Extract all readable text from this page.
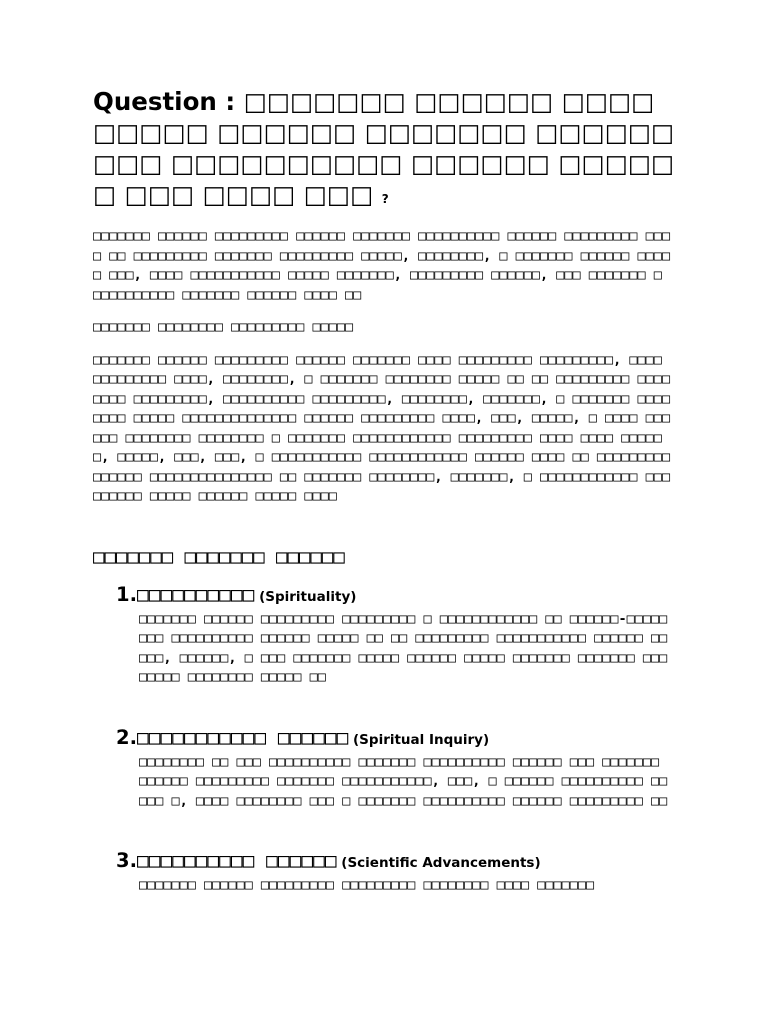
Question : □□□□□□□ □□□□□□ □□□□□□□□□ □□□□□□ □□□□□□□ □□□□□□□□□ □□□□□□□□□□ □□□□□□ □□□□□□ □□□ □□□□ □□□ ?

□□□□□□□ □□□□□□ □□□□□□□□□ □□□□□□ □□□□□□□ □□□□□□□□□□ □□□□□□ □□□□□□□□□ □□□□ □□ □□□□□□□□□ □□□□□□□ □□□□□□□□□ □□□□□, □□□□□□□□, □ □□□□□□□ □□□□□□ □□□□□ □□□, □□□□ □□□□□□□□□□□ □□□□□ □□□□□□□, □□□□□□□□□ □□□□□□, □□□ □□□□□□□ □ □□□□□□□□□□ □□□□□□□ □□□□□□ □□□□ □□

□□□□□□□ □□□□□□□□ □□□□□□□□□ □□□□□

□□□□□□□ □□□□□□ □□□□□□□□□ □□□□□□ □□□□□□□ □□□□ □□□□□□□□□ □□□□□□□□□, □□□□ □□□□□□□□□ □□□□, □□□□□□□□, □ □□□□□□□ □□□□□□□□ □□□□□ □□ □□ □□□□□□□□□ □□□□□□□□ □□□□□□□□□, □□□□□□□□□□ □□□□□□□□□, □□□□□□□□, □□□□□□□, □ □□□□□□□ □□□□□□□□ □□□□□ □□□□□□□□□□□□□□ □□□□□□ □□□□□□□□□ □□□□, □□□, □□□□□, □ □□□□ □□□□□□ □□□□□□□□ □□□□□□□□ □ □□□□□□□ □□□□□□□□□□□□ □□□□□□□□□ □□□□ □□□□ □□□□□□, □□□□□, □□□, □□□, □ □□□□□□□□□□□ □□□□□□□□□□□□ □□□□□□ □□□□ □□ □□□□□□□□□□□□□□□ □□□□□□□□□□□□□□□ □□ □□□□□□□ □□□□□□□□, □□□□□□□, □ □□□□□□□□□□□□ □□□□□□□□□ □□□□□ □□□□□□ □□□□□ □□□□

□□□□□□□ □□□□□□□ □□□□□□
1.□□□□□□□□□□ (Spirituality)

□□□□□□□ □□□□□□ □□□□□□□□□ □□□□□□□□□ □ □□□□□□□□□□□□ □□ □□□□□□-□□□□□□□□ □□□□□□□□□□ □□□□□□ □□□□□ □□ □□ □□□□□□□□□ □□□□□□□□□□□ □□□□□□ □□□□□, □□□□□□, □ □□□ □□□□□□□ □□□□□ □□□□□□ □□□□□ □□□□□□□ □□□□□□□ □□□□□□□□ □□□□□□□□ □□□□□ □□

2.□□□□□□□□□□□ □□□□□□ (Spiritual Inquiry)

□□□□□□□□ □□ □□□ □□□□□□□□□□ □□□□□□□ □□□□□□□□□□ □□□□□□ □□□ □□□□□□□ □□□□□□ □□□□□□□□□ □□□□□□□ □□□□□□□□□□□, □□□, □ □□□□□□ □□□□□□□□□□ □□□□□ □, □□□□ □□□□□□□□ □□□ □ □□□□□□□ □□□□□□□□□□ □□□□□□ □□□□□□□□□ □□

3.□□□□□□□□□□ □□□□□□ (Scientific Advancements)

□□□□□□□ □□□□□□ □□□□□□□□□ □□□□□□□□□ □□□□□□□□ □□□□ □□□□□□□
